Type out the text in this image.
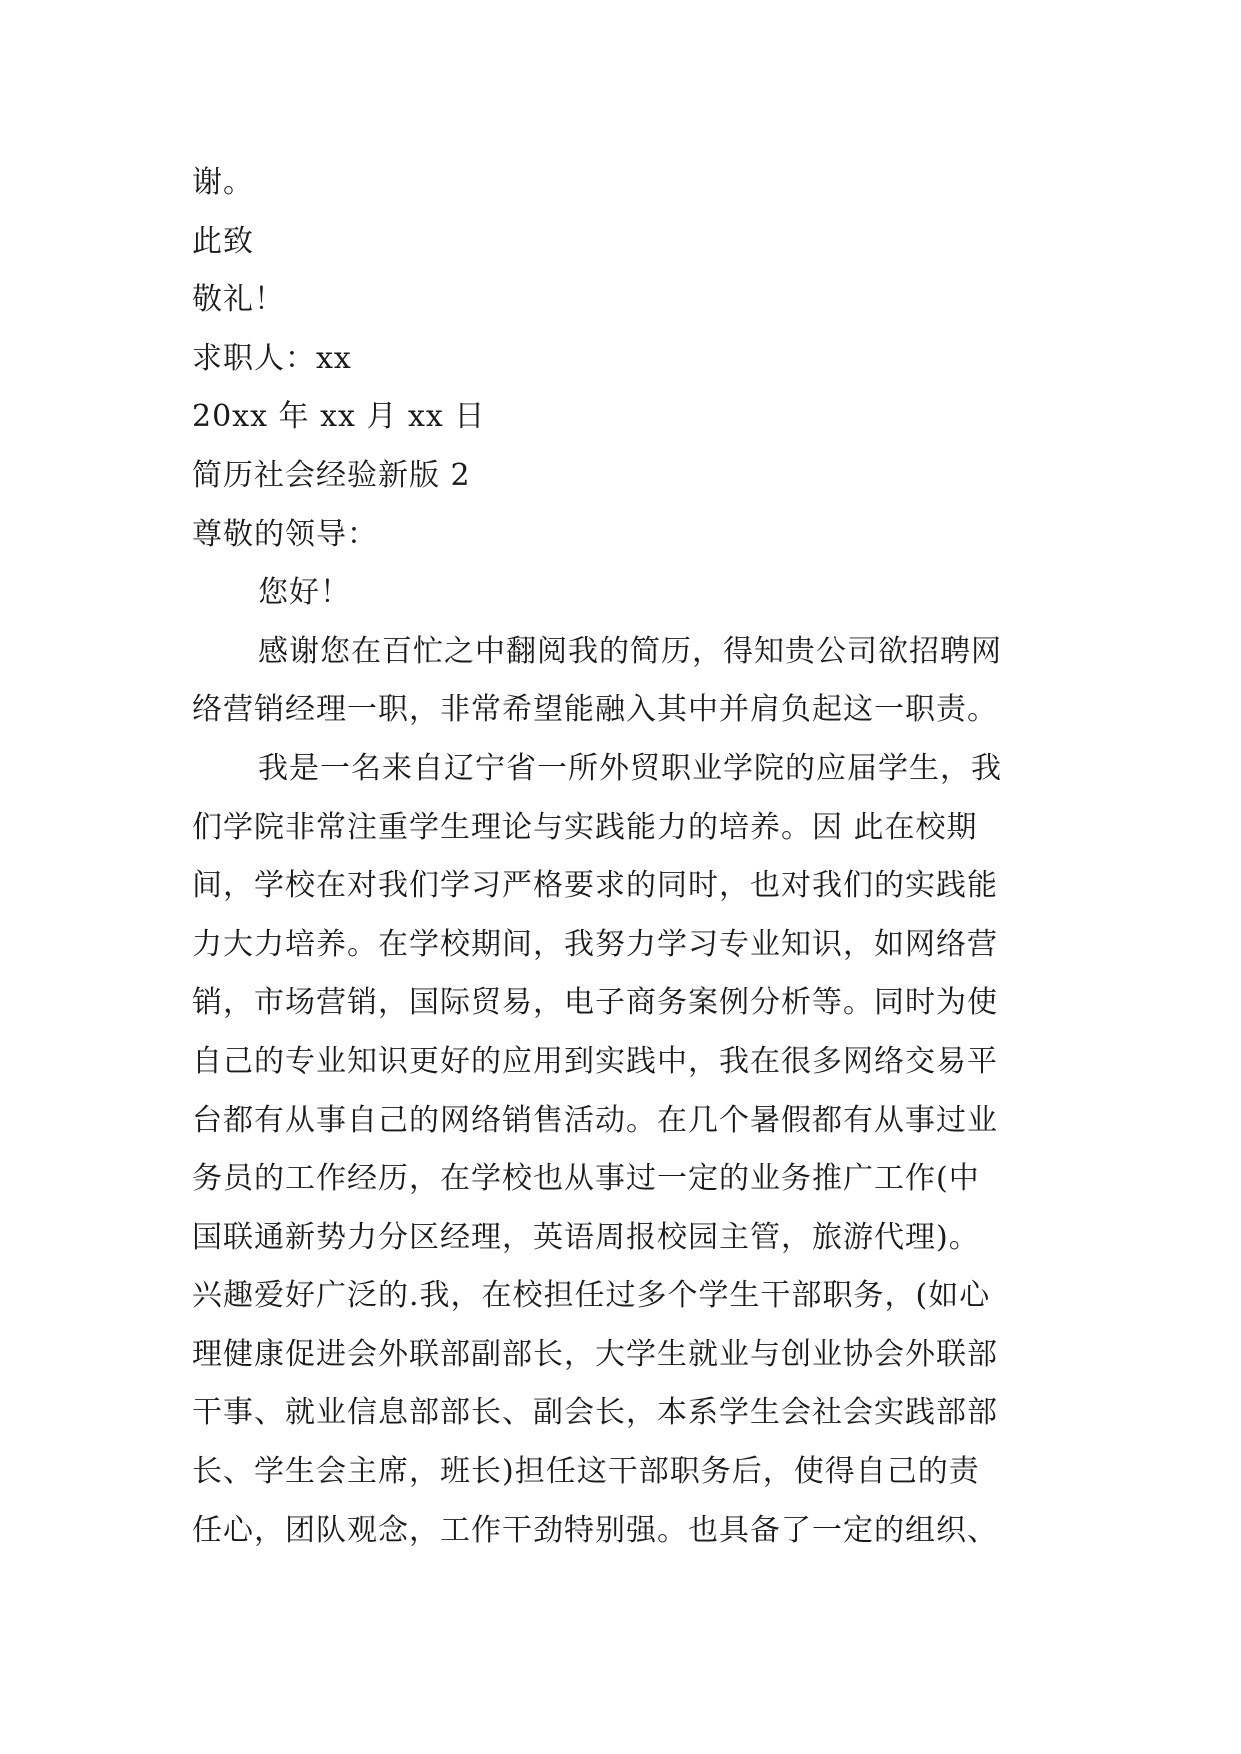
谢。
此致
敬礼！
求职人：xx
20xx 年 xx 月 xx 日
简历社会经验新版 2
尊敬的领导：
您好！
感谢您在百忙之中翻阅我的简历，得知贵公司欲招聘网
络营销经理一职，非常希望能融入其中并肩负起这一职责。
我是一名来自辽宁省一所外贸职业学院的应届学生，我
们学院非常注重学生理论与实践能力的培养。因 此在校期
间，学校在对我们学习严格要求的同时，也对我们的实践能
力大力培养。在学校期间，我努力学习专业知识，如网络营
销，市场营销，国际贸易，电子商务案例分析等。同时为使
自己的专业知识更好的应用到实践中，我在很多网络交易平
台都有从事自己的网络销售活动。在几个暑假都有从事过业
务员的工作经历，在学校也从事过一定的业务推广工作(中
国联通新势力分区经理，英语周报校园主管，旅游代理)。
兴趣爱好广泛的.我，在校担任过多个学生干部职务，(如心
理健康促进会外联部副部长，大学生就业与创业协会外联部
干事、就业信息部部长、副会长，本系学生会社会实践部部
长、学生会主席，班长)担任这干部职务后，使得自己的责
任心，团队观念，工作干劲特别强。也具备了一定的组织、
